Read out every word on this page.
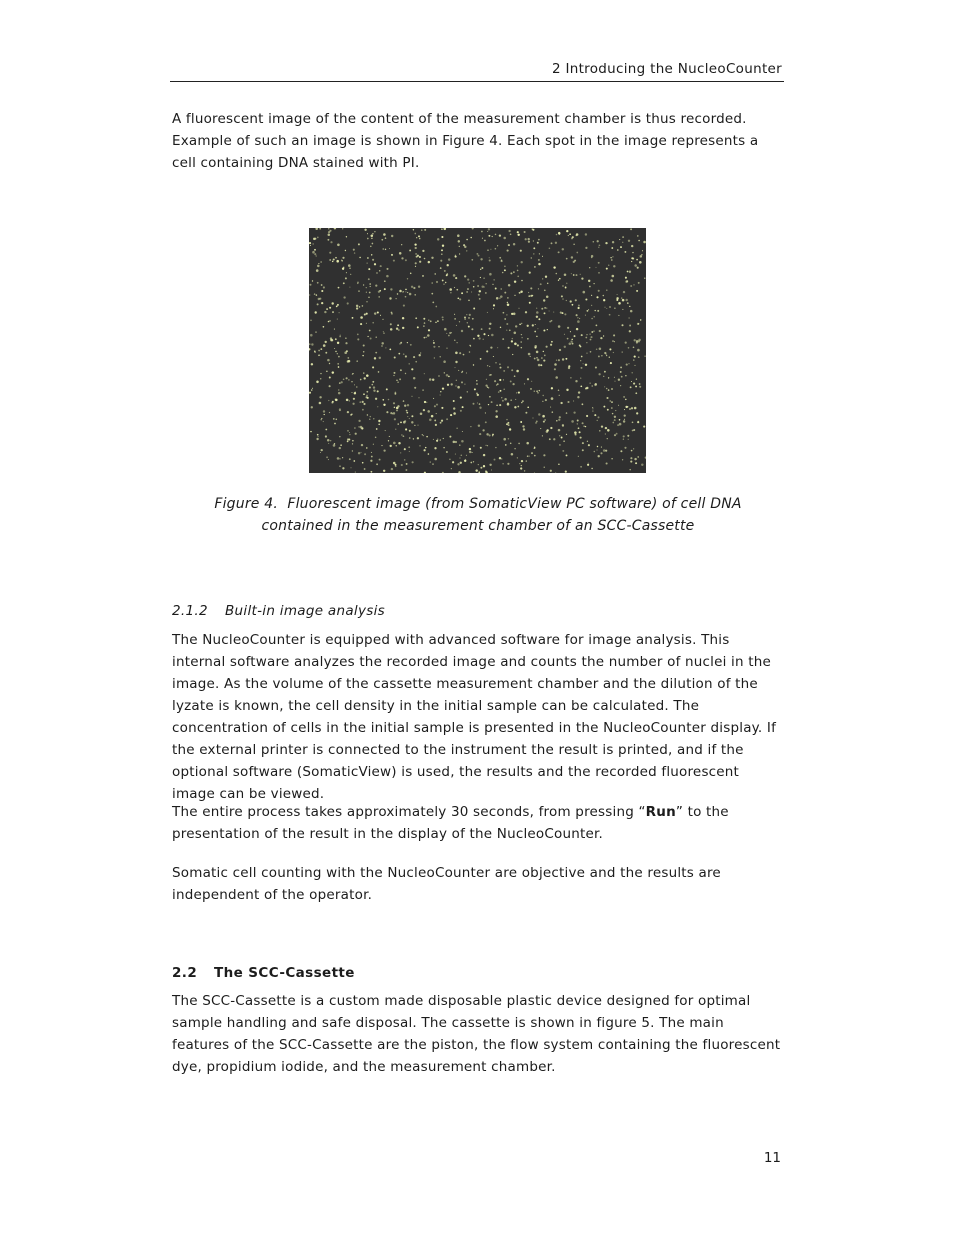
2 Introducing the NucleoCounter

A fluorescent image of the content of the measurement chamber is thus recorded. Example of such an image is shown in Figure 4. Each spot in the image represents a cell containing DNA stained with PI.

Figure 4.  Fluorescent image (from SomaticView PC software) of cell DNA
contained in the measurement chamber of an SCC-Cassette

2.1.2 Built-in image analysis

The NucleoCounter is equipped with advanced software for image analysis. This internal software analyzes the recorded image and counts the number of nuclei in the image. As the volume of the cassette measurement chamber and the dilution of the lyzate is known, the cell density in the initial sample can be calculated. The concentration of cells in the initial sample is presented in the NucleoCounter display. If the external printer is connected to the instrument the result is printed, and if the optional software (SomaticView) is used, the results and the recorded fluorescent image can be viewed.

The entire process takes approximately 30 seconds, from pressing “Run” to the presentation of the result in the display of the NucleoCounter.

Somatic cell counting with the NucleoCounter are objective and the results are independent of the operator.

2.2 The SCC-Cassette

The SCC-Cassette is a custom made disposable plastic device designed for optimal sample handling and safe disposal. The cassette is shown in figure 5. The main features of the SCC-Cassette are the piston, the flow system containing the fluorescent dye, propidium iodide, and the measurement chamber.

11
